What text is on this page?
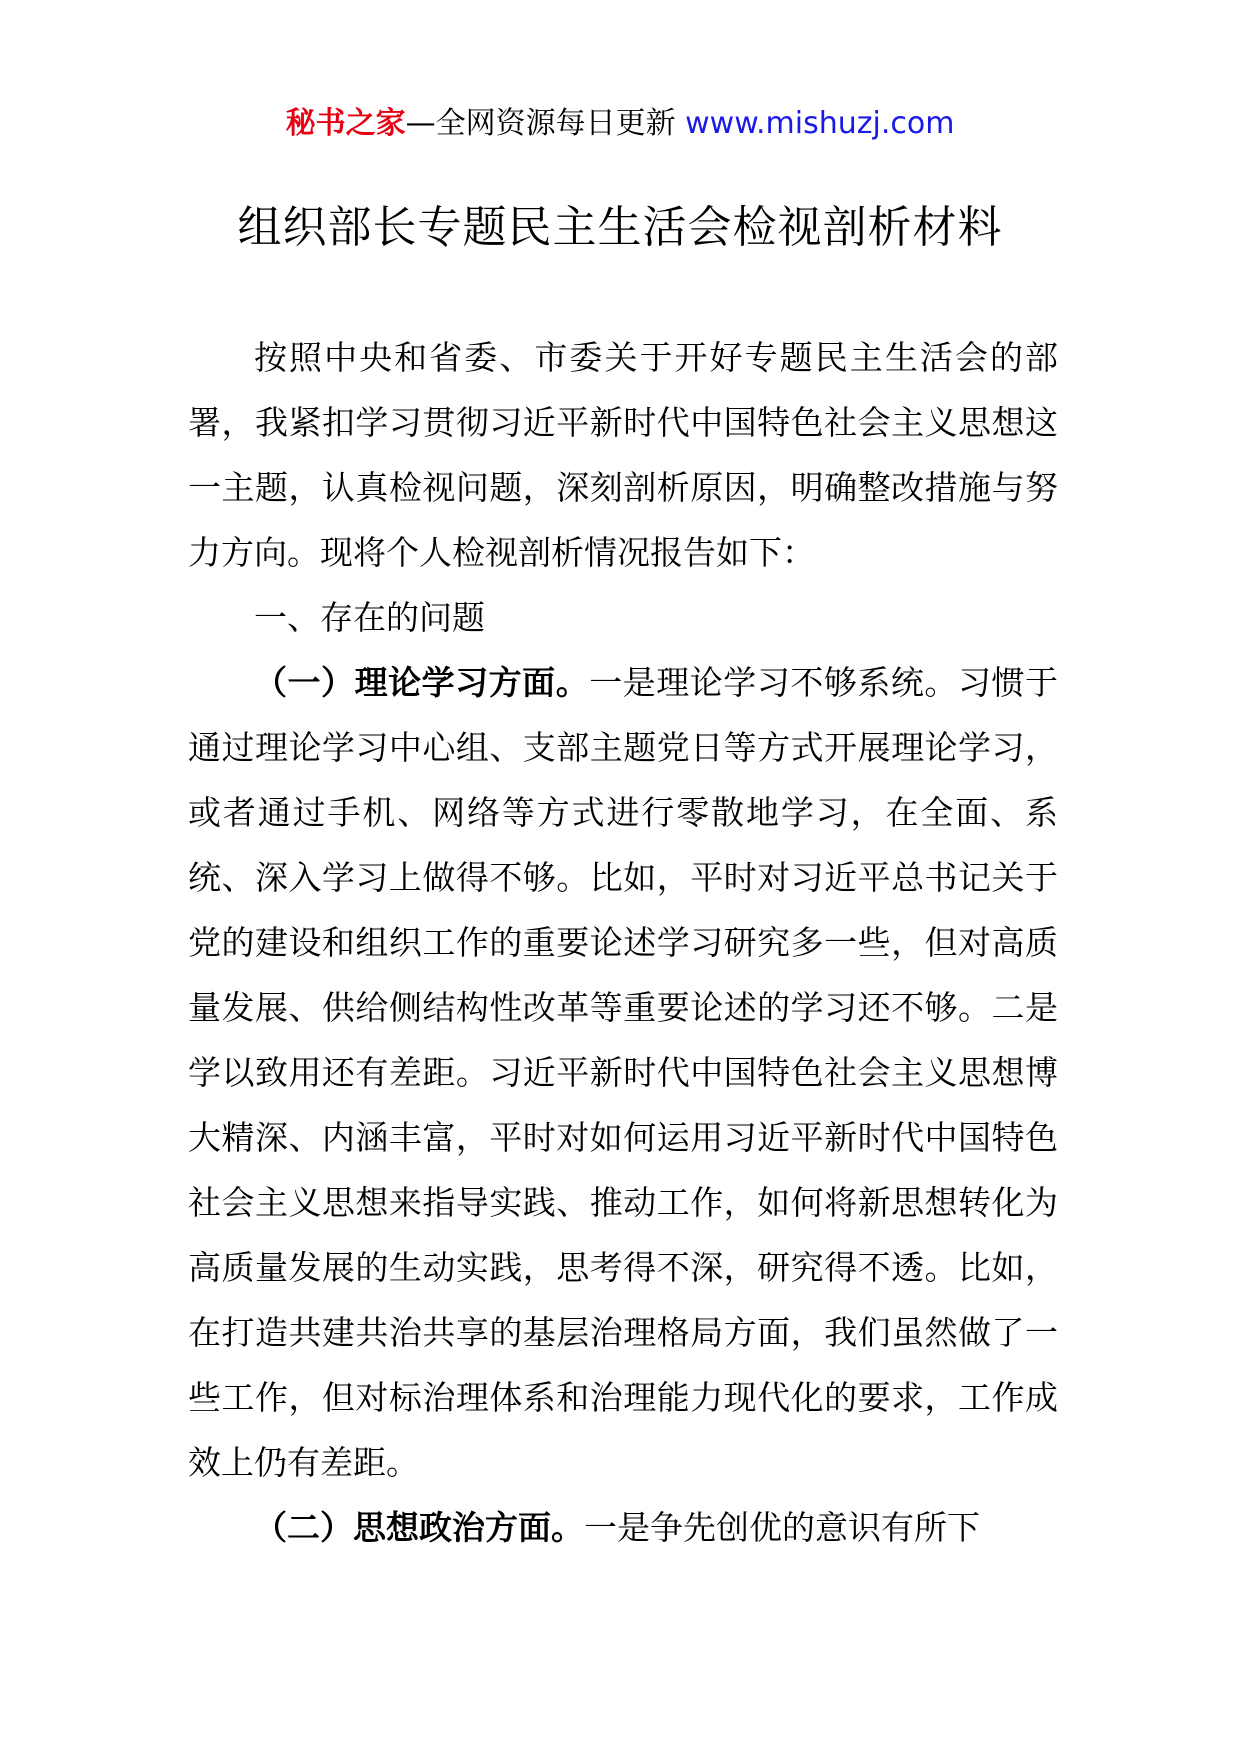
秘书之家—全网资源每日更新 www.mishuzj.com
组织部长专题民主生活会检视剖析材料

按照中央和省委、市委关于开好专题民主生活会的部署，我紧扣学习贯彻习近平新时代中国特色社会主义思想这一主题，认真检视问题，深刻剖析原因，明确整改措施与努力方向。现将个人检视剖析情况报告如下：

一、存在的问题

（一）理论学习方面。一是理论学习不够系统。习惯于通过理论学习中心组、支部主题党日等方式开展理论学习，或者通过手机、网络等方式进行零散地学习，在全面、系统、深入学习上做得不够。比如，平时对习近平总书记关于党的建设和组织工作的重要论述学习研究多一些，但对高质量发展、供给侧结构性改革等重要论述的学习还不够。二是学以致用还有差距。习近平新时代中国特色社会主义思想博大精深、内涵丰富，平时对如何运用习近平新时代中国特色社会主义思想来指导实践、推动工作，如何将新思想转化为高质量发展的生动实践，思考得不深，研究得不透。比如，在打造共建共治共享的基层治理格局方面，我们虽然做了一些工作，但对标治理体系和治理能力现代化的要求，工作成效上仍有差距。

（二）思想政治方面。一是争先创优的意识有所下
